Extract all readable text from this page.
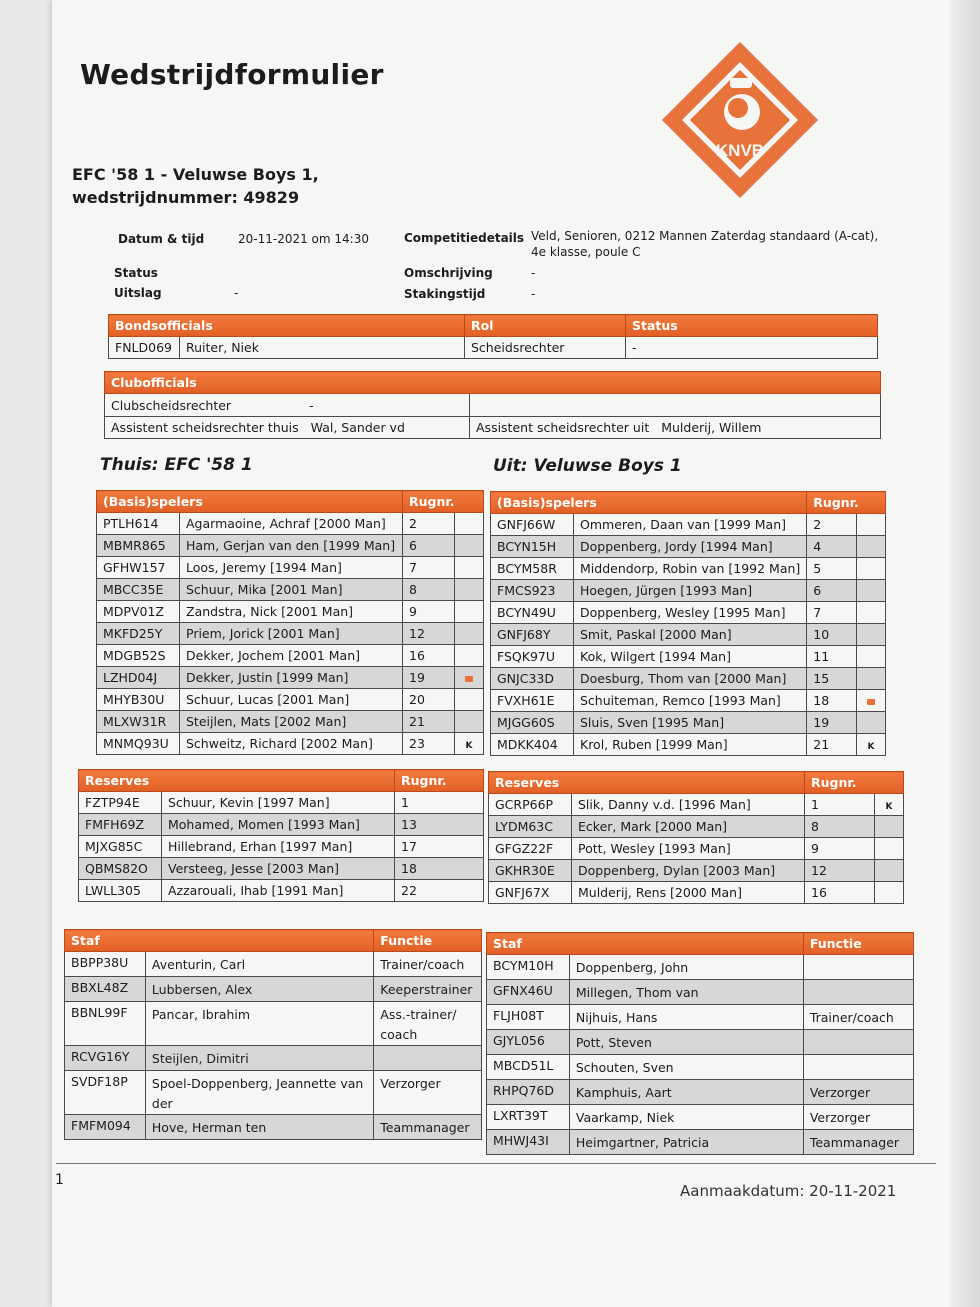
Wedstrijdformulier
KNVB
EFC '58 1 - Veluwse Boys 1,
wedstrijdnummer: 49829
Datum & tijd	20-11-2021 om 14:30
Status
Uitslag	-
Competitiedetails Veld, Senioren, 0212 Mannen Zaterdag standaard (A-cat),
4e klasse, poule C
Omschrijving	-
Stakingstijd	-
Bondsofficials		Rol	Status
FNLD069	Ruiter, Niek	Scheidsrechter	-
Clubofficials	
Clubscheidsrechter -	
Assistent scheidsrechter thuis Wal, Sander vd	Assistent scheidsrechter uit Mulderij, Willem
Thuis: EFC '58 1	Uit: Veluwse Boys 1
(Basis)spelers		Rugnr.	
PTLH614	Agarmaoine, Achraf [2000 Man]	2	
MBMR865	Ham, Gerjan van den [1999 Man]	6	
GFHW157	Loos, Jeremy [1994 Man]	7	
MBCC35E	Schuur, Mika [2001 Man]	8	
MDPV01Z	Zandstra, Nick [2001 Man]	9	
MKFD25Y	Priem, Jorick [2001 Man]	12	
MDGB52S	Dekker, Jochem [2001 Man]	16	
LZHD04J	Dekker, Justin [1999 Man]	19	
MHYB30U	Schuur, Lucas [2001 Man]	20	
MLXW31R	Steijlen, Mats [2002 Man]	21	
MNMQ93U	Schweitz, Richard [2002 Man]	23	K
(Basis)spelers		Rugnr.	
GNFJ66W	Ommeren, Daan van [1999 Man]	2	
BCYN15H	Doppenberg, Jordy [1994 Man]	4	
BCYM58R	Middendorp, Robin van [1992 Man]	5	
FMCS923	Hoegen, Jürgen [1993 Man]	6	
BCYN49U	Doppenberg, Wesley [1995 Man]	7	
GNFJ68Y	Smit, Paskal [2000 Man]	10	
FSQK97U	Kok, Wilgert [1994 Man]	11	
GNJC33D	Doesburg, Thom van [2000 Man]	15	
FVXH61E	Schuiteman, Remco [1993 Man]	18	
MJGG60S	Sluis, Sven [1995 Man]	19	
MDKK404	Krol, Ruben [1999 Man]	21	K
Reserves		Rugnr.
FZTP94E	Schuur, Kevin [1997 Man]	1
FMFH69Z	Mohamed, Momen [1993 Man]	13
MJXG85C	Hillebrand, Erhan [1997 Man]	17
QBMS82O	Versteeg, Jesse [2003 Man]	18
LWLL305	Azzarouali, Ihab [1991 Man]	22
Reserves		Rugnr.	
GCRP66P	Slik, Danny v.d. [1996 Man]	1	K
LYDM63C	Ecker, Mark [2000 Man]	8	
GFGZ22F	Pott, Wesley [1993 Man]	9	
GKHR30E	Doppenberg, Dylan [2003 Man]	12	
GNFJ67X	Mulderij, Rens [2000 Man]	16	
Staf		Functie
BBPP38U	Aventurin, Carl	Trainer/coach
BBXL48Z	Lubbersen, Alex	Keeperstrainer
BBNL99F	Pancar, Ibrahim	Ass.-trainer/ coach
RCVG16Y	Steijlen, Dimitri	
SVDF18P	Spoel-Doppenberg, Jeannette van der	Verzorger
FMFM094	Hove, Herman ten	Teammanager
Staf		Functie
BCYM10H	Doppenberg, John	
GFNX46U	Millegen, Thom van	
FLJH08T	Nijhuis, Hans	Trainer/coach
GJYL056	Pott, Steven	
MBCD51L	Schouten, Sven	
RHPQ76D	Kamphuis, Aart	Verzorger
LXRT39T	Vaarkamp, Niek	Verzorger
MHWJ43I	Heimgartner, Patricia	Teammanager
1
Aanmaakdatum: 20-11-2021
